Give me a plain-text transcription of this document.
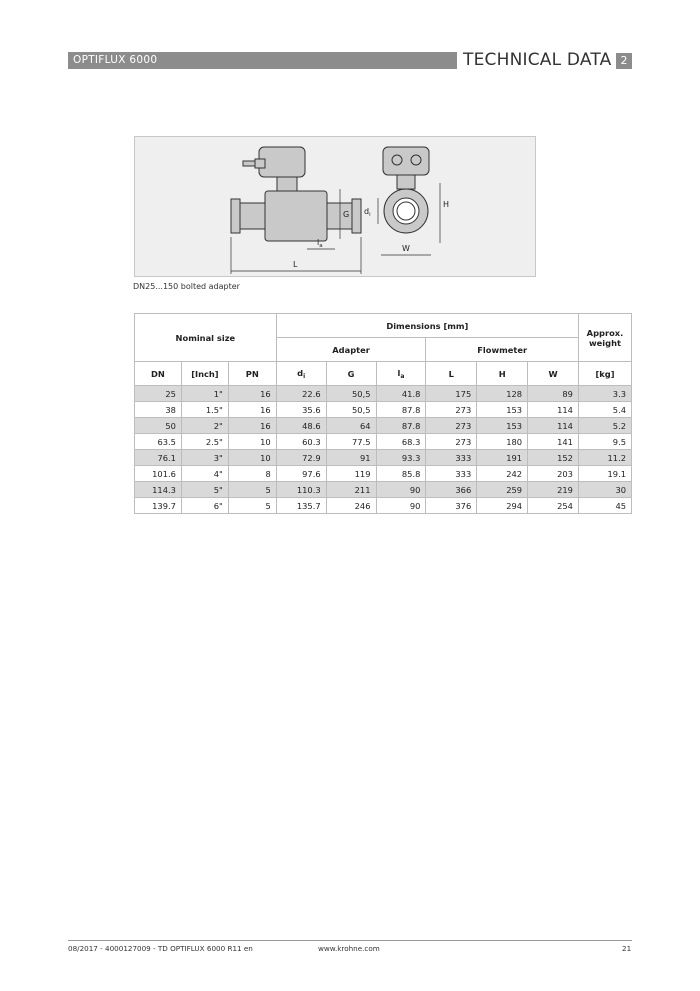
OPTIFLUX 6000	TECHNICAL DATA 2
L
$l_a$
G $d_i$
H
W
DN25...150 bolted adapter
Nominal size			Dimensions [mm]						Approx. weight
			Adapter			Flowmeter			
DN	[Inch]	PN	$d_i$	G	$l_a$	L	H	W	[kg]
25	1"	16	22.6	50,5	41.8	175	128	89	3.3
38	1.5"	16	35.6	50,5	87.8	273	153	114	5.4
50	2"	16	48.6	64	87.8	273	153	114	5.2
63.5	2.5"	10	60.3	77.5	68.3	273	180	141	9.5
76.1	3"	10	72.9	91	93.3	333	191	152	11.2
101.6	4"	8	97.6	119	85.8	333	242	203	19.1
114.3	5"	5	110.3	211	90	366	259	219	30
139.7	6"	5	135.7	246	90	376	294	254	45
08/2017 - 4000127009 - TD OPTIFLUX 6000 R11 en	www.krohne.com	21
